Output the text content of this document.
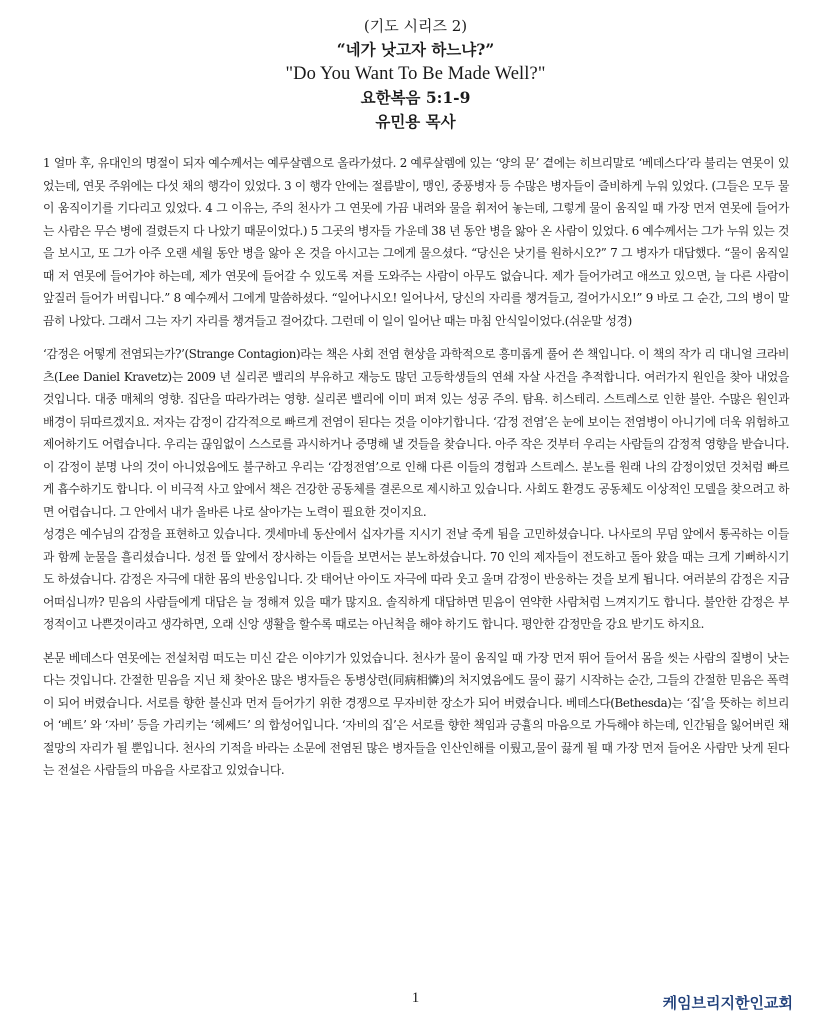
(기도 시리즈 2)
“네가 낫고자 하느냐?”
"Do You Want To Be Made Well?"
요한복음 5:1-9
유민용 목사

1 얼마 후, 유대인의 명절이 되자 예수께서는 예루살렘으로 올라가셨다. 2 예루살렘에 있는 ‘양의 문’ 곁에는 히브리말로 ‘베데스다’라 불리는 연못이 있었는데, 연못 주위에는 다섯 채의 행각이 있었다. 3 이 행각 안에는 절름발이, 맹인, 중풍병자 등 수많은 병자들이 즐비하게 누워 있었다. (그들은 모두 물이 움직이기를 기다리고 있었다. 4 그 이유는, 주의 천사가 그 연못에 가끔 내려와 물을 휘저어 놓는데, 그렇게 물이 움직일 때 가장 먼저 연못에 들어가는 사람은 무슨 병에 걸렸든지 다 나았기 때문이었다.) 5 그곳의 병자들 가운데 38 년 동안 병을 앓아 온 사람이 있었다. 6 예수께서는 그가 누워 있는 것을 보시고, 또 그가 아주 오랜 세월 동안 병을 앓아 온 것을 아시고는 그에게 물으셨다. “당신은 낫기를 원하시오?” 7 그 병자가 대답했다. “물이 움직일 때 저 연못에 들어가야 하는데, 제가 연못에 들어갈 수 있도록 저를 도와주는 사람이 아무도 없습니다. 제가 들어가려고 애쓰고 있으면, 늘 다른 사람이 앞질러 들어가 버립니다.” 8 예수께서 그에게 말씀하셨다. “일어나시오! 일어나서, 당신의 자리를 챙겨들고, 걸어가시오!” 9 바로 그 순간, 그의 병이 말끔히 나았다. 그래서 그는 자기 자리를 챙겨들고 걸어갔다. 그런데 이 일이 일어난 때는 마침 안식일이었다.(쉬운말 성경)

‘감정은 어떻게 전염되는가?’(Strange Contagion)라는 책은 사회 전염 현상을 과학적으로 흥미롭게 풀어 쓴 책입니다. 이 책의 작가 리 대니얼 크라비츠(Lee Daniel Kravetz)는 2009 년 실리콘 밸리의 부유하고 재능도 많던 고등학생들의 연쇄 자살 사건을 추적합니다. 여러가지 원인을 찾아 내었을 것입니다. 대중 매체의 영향. 집단을 따라가려는 영향. 실리콘 밸리에 이미 퍼져 있는 성공 주의. 탐욕. 히스테리. 스트레스로 인한 불안. 수많은 원인과 배경이 뒤따르겠지요. 저자는 감정이 감각적으로 빠르게 전염이 된다는 것을 이야기합니다. ‘감정 전염’은 눈에 보이는 전염병이 아니기에 더욱 위험하고 제어하기도 어렵습니다. 우리는 끊임없이 스스로를 과시하거나 증명해 낼 것들을 찾습니다. 아주 작은 것부터 우리는 사람들의 감정적 영향을 받습니다. 이 감정이 분명 나의 것이 아니었음에도 불구하고 우리는 ‘감정전염’으로 인해 다른 이들의 경험과 스트레스. 분노를 원래 나의 감정이었던 것처럼 빠르게 흡수하기도 합니다. 이 비극적 사고 앞에서 책은 건강한 공동체를 결론으로 제시하고 있습니다. 사회도 환경도 공동체도 이상적인 모델을 찾으려고 하면 어렵습니다. 그 안에서 내가 올바른 나로 살아가는 노력이 필요한 것이지요.

성경은 예수님의 감정을 표현하고 있습니다. 겟세마네 동산에서 십자가를 지시기 전날 죽게 됨을 고민하셨습니다. 나사로의 무덤 앞에서 통곡하는 이들과 함께 눈물을 흘리셨습니다. 성전 뜰 앞에서 장사하는 이들을 보면서는 분노하셨습니다. 70 인의 제자들이 전도하고 돌아 왔을 때는 크게 기뻐하시기도 하셨습니다. 감정은 자극에 대한 몸의 반응입니다. 갓 태어난 아이도 자극에 따라 웃고 울며 감정이 반응하는 것을 보게 됩니다. 여러분의 감정은 지금 어떠십니까? 믿음의 사람들에게 대답은 늘 정해져 있을 때가 많지요. 솔직하게 대답하면 믿음이 연약한 사람처럼 느껴지기도 합니다. 불안한 감정은 부정적이고 나쁜것이라고 생각하면, 오래 신앙 생활을 할수록 때로는 아닌척을 해야 하기도 합니다. 평안한 감정만을 강요 받기도 하지요.

본문 베데스다 연못에는 전설처럼 떠도는 미신 같은 이야기가 있었습니다. 천사가 물이 움직일 때 가장 먼저 뛰어 들어서 몸을 씻는 사람의 질병이 낫는다는 것입니다. 간절한 믿음을 지닌 채 찾아온 많은 병자들은 동병상련(同病相憐)의 처지였음에도 물이 끓기 시작하는 순간, 그들의 간절한 믿음은 폭력이 되어 버렸습니다. 서로를 향한 불신과 먼저 들어가기 위한 경쟁으로 무자비한 장소가 되어 버렸습니다. 베데스다(Bethesda)는 ‘집’을 뜻하는 히브리어 ‘베트’ 와 ‘자비’ 등을 가리키는 ‘헤쎄드’ 의 합성어입니다. ‘자비의 집’은 서로를 향한 책임과 긍휼의 마음으로 가득해야 하는데, 인간됨을 잃어버린 채 절망의 자리가 될 뿐입니다. 천사의 기적을 바라는 소문에 전염된 많은 병자들을 인산인해를 이뤘고,물이 끓게 될 때 가장 먼저 들어온 사람만 낫게 된다는 전설은 사람들의 마음을 사로잡고 있었습니다.

1	케임브리지한인교회
